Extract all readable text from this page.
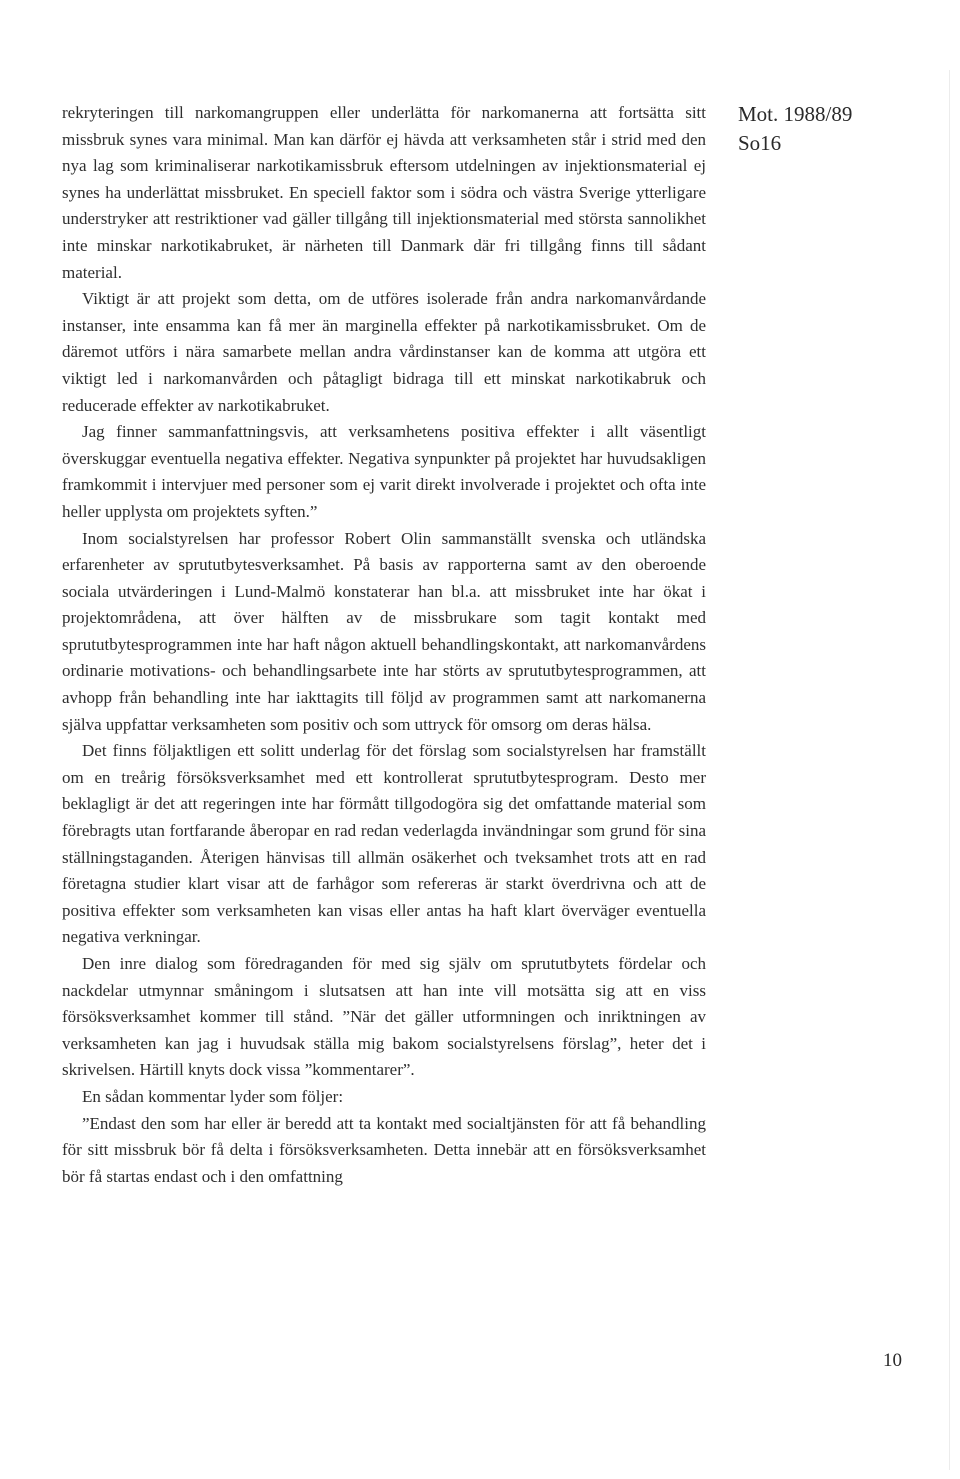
Mot. 1988/89
So16

rekryteringen till narkomangruppen eller underlätta för narkomanerna att fortsätta sitt missbruk synes vara minimal. Man kan därför ej hävda att verksamheten står i strid med den nya lag som kriminaliserar narkotikamissbruk eftersom utdelningen av injektionsmaterial ej synes ha underlättat missbruket. En speciell faktor som i södra och västra Sverige ytterligare understryker att restriktioner vad gäller tillgång till injektionsmaterial med största sannolikhet inte minskar narkotikabruket, är närheten till Danmark där fri tillgång finns till sådant material.

Viktigt är att projekt som detta, om de utföres isolerade från andra narkomanvårdande instanser, inte ensamma kan få mer än marginella effekter på narkotikamissbruket. Om de däremot utförs i nära samarbete mellan andra vårdinstanser kan de komma att utgöra ett viktigt led i narkomanvården och påtagligt bidraga till ett minskat narkotikabruk och reducerade effekter av narkotikabruket.

Jag finner sammanfattningsvis, att verksamhetens positiva effekter i allt väsentligt överskuggar eventuella negativa effekter. Negativa synpunkter på projektet har huvudsakligen framkommit i intervjuer med personer som ej varit direkt involverade i projektet och ofta inte heller upplysta om projektets syften.”

Inom socialstyrelsen har professor Robert Olin sammanställt svenska och utländska erfarenheter av sprututbytesverksamhet. På basis av rapporterna samt av den oberoende sociala utvärderingen i Lund-Malmö konstaterar han bl.a. att missbruket inte har ökat i projektområdena, att över hälften av de missbrukare som tagit kontakt med sprututbytesprogrammen inte har haft någon aktuell behandlingskontakt, att narkomanvårdens ordinarie motivations- och behandlingsarbete inte har störts av sprututbytesprogrammen, att avhopp från behandling inte har iakttagits till följd av programmen samt att narkomanerna själva uppfattar verksamheten som positiv och som uttryck för omsorg om deras hälsa.

Det finns följaktligen ett solitt underlag för det förslag som socialstyrelsen har framställt om en treårig försöksverksamhet med ett kontrollerat sprututbytesprogram. Desto mer beklagligt är det att regeringen inte har förmått tillgodogöra sig det omfattande material som förebragts utan fortfarande åberopar en rad redan vederlagda invändningar som grund för sina ställningstaganden. Återigen hänvisas till allmän osäkerhet och tveksamhet trots att en rad företagna studier klart visar att de farhågor som refereras är starkt överdrivna och att de positiva effekter som verksamheten kan visas eller antas ha haft klart överväger eventuella negativa verkningar.

Den inre dialog som föredraganden för med sig själv om sprututbytets fördelar och nackdelar utmynnar småningom i slutsatsen att han inte vill motsätta sig att en viss försöksverksamhet kommer till stånd. ”När det gäller utformningen och inriktningen av verksamheten kan jag i huvudsak ställa mig bakom socialstyrelsens förslag”, heter det i skrivelsen. Härtill knyts dock vissa ”kommentarer”.

En sådan kommentar lyder som följer:

”Endast den som har eller är beredd att ta kontakt med socialtjänsten för att få behandling för sitt missbruk bör få delta i försöksverksamheten. Detta innebär att en försöksverksamhet bör få startas endast och i den omfattning

10
